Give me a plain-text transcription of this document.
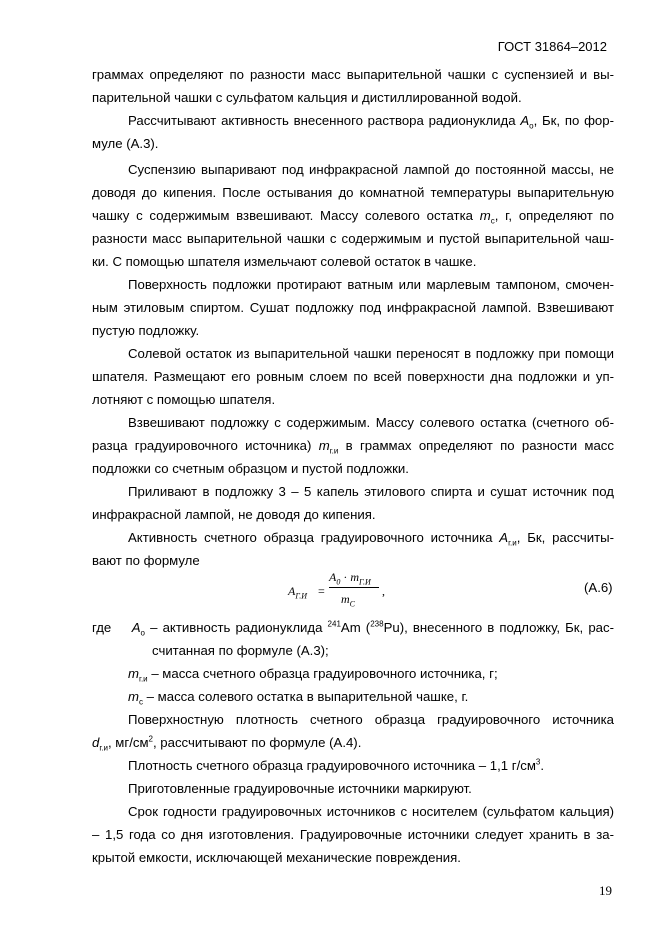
ГОСТ 31864–2012
граммах определяют по разности масс выпарительной чашки с суспензией и вы-
парительной чашки с сульфатом кальция и дистиллированной водой.
Рассчитывают активность внесенного раствора радионуклида $A_о$, Бк, по фор-
муле (А.3).
Суспензию выпаривают под инфракрасной лампой до постоянной массы, не
доводя до кипения. После остывания до комнатной температуры выпарительную
чашку с содержимым взвешивают. Массу солевого остатка $m_с$, г, определяют по
разности масс выпарительной чашки с содержимым и пустой выпарительной чаш-
ки. С помощью шпателя измельчают солевой остаток в чашке.
Поверхность подложки протирают ватным или марлевым тампоном, смочен-
ным этиловым спиртом. Сушат подложку под инфракрасной лампой. Взвешивают
пустую подложку.
Солевой остаток из выпарительной чашки переносят в подложку при помощи
шпателя. Размещают его ровным слоем по всей поверхности дна подложки и уп-
лотняют с помощью шпателя.
Взвешивают подложку с содержимым. Массу солевого остатка (счетного об-
разца градуировочного источника) $m_{г.и}$ в граммах определяют по разности масс
подложки со счетным образцом и пустой подложки.
Приливают в подложку 3 – 5 капель этилового спирта и сушат источник под
инфракрасной лампой, не доводя до кипения.
Активность счетного образца градуировочного источника $A_{г.и}$, Бк, рассчиты-
вают по формуле
$A_{Г.И}$ =
$A_0 \cdot m_{Г.И}$
$m_C$
,	(А.6)
где $A_о$ – активность радионуклида $^{241}$Am ($^{238}$Pu), внесенного в подложку, Бк, рас-
считанная по формуле (А.3);
$m_{г.и}$ – масса счетного образца градуировочного источника, г;
$m_с$ – масса солевого остатка в выпарительной чашке, г.
Поверхностную плотность счетного образца градуировочного источника
$d_{г.и}$, $мг/см^2$, рассчитывают по формуле (А.4).
Плотность счетного образца градуировочного источника – 1,1 $г/см^3$.
Приготовленные градуировочные источники маркируют.
Срок годности градуировочных источников с носителем (сульфатом кальция)
– 1,5 года со дня изготовления. Градуировочные источники следует хранить в за-
крытой емкости, исключающей механические повреждения.
19
